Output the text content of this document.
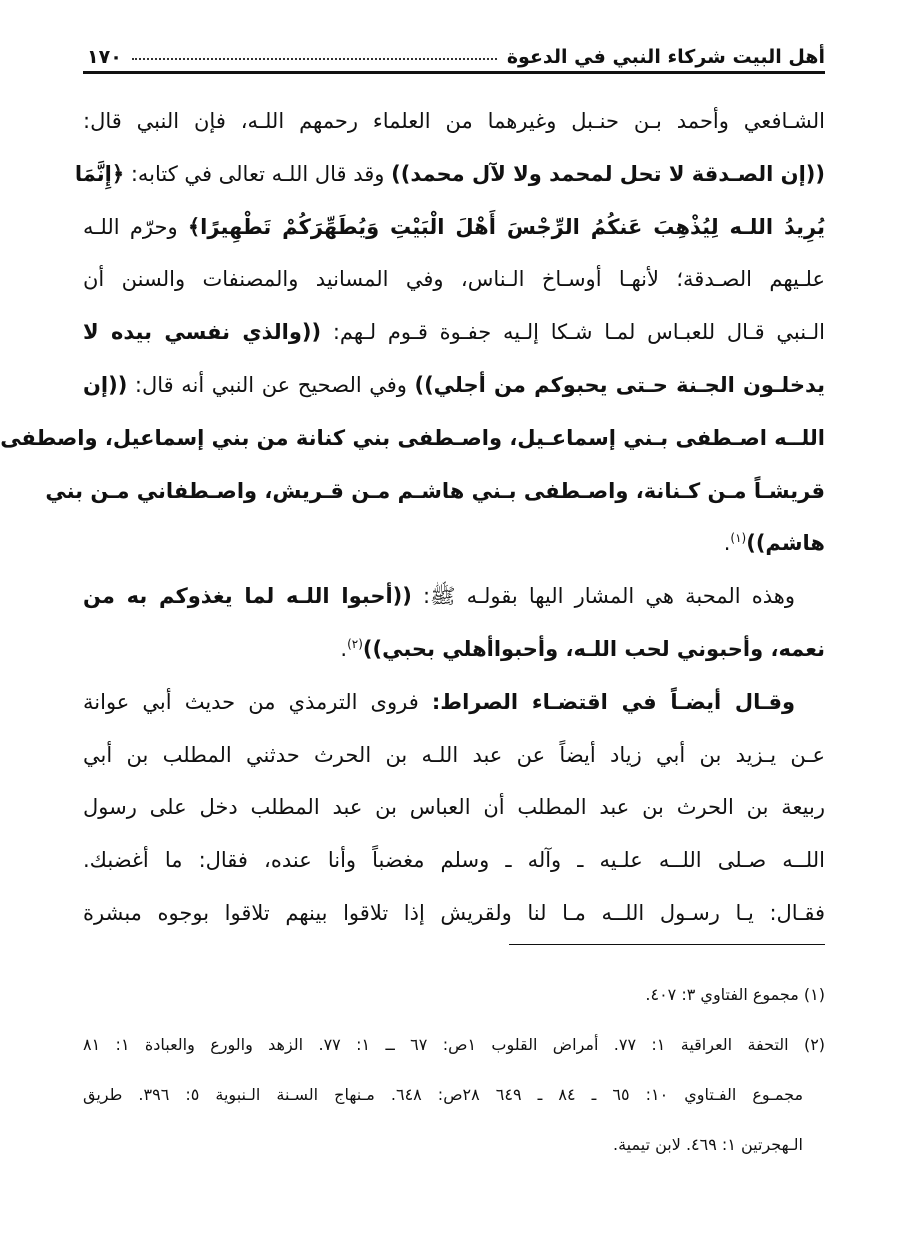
أهل البيت شركاء النبي في الدعوة
١٧٠
الشـافعي وأحمد بـن حنـبل وغيرهما من العلماء رحمهم اللـه، فإن النبي قال:
((إن الصـدقة لا تحل لمحمد ولا لآل محمد)) وقد قال اللـه تعالى في كتابه: ﴿إِنَّمَا
يُرِيدُ اللـه لِيُذْهِبَ عَنكُمُ الرِّجْسَ أَهْلَ الْبَيْتِ وَيُطَهِّرَكُمْ تَطْهِيرًا﴾ وحرّم اللـه
علـيهم الصـدقة؛ لأنهـا أوسـاخ الـناس، وفي المسانيد والمصنفات والسنن أن
الـنبي قـال للعبـاس لمـا شـكا إلـيه جفـوة قـوم لـهم: ((والذي نفسي بيده لا
يدخلـون الجـنة حـتى يحبوكم من أجلي)) وفي الصحيح عن النبي أنه قال: ((إن
اللــه اصـطفى بـني إسماعـيل، واصـطفى بني كنانة من بني إسماعيل، واصطفى
قريشـاً مـن كـنانة، واصـطفى بـني هاشـم مـن قـريش، واصـطفاني مـن بني
هاشم))$^{(١)}$.
وهذه المحبة هي المشار اليها بقولـه ﷺ: ((أحبوا اللـه لما يغذوكم به من
نعمه، وأحبوني لحب اللـه، وأحبواأهلي بحبي))$^{(٢)}$.
وقـال أيضـاً في اقتضـاء الصراط: فروى الترمذي من حديث أبي عوانة
عـن يـزيد بن أبي زياد أيضاً عن عبد اللـه بن الحرث حدثني المطلب بن أبي
ربيعة بن الحرث بن عبد المطلب أن العباس بن عبد المطلب دخل على رسول
اللــه صـلى اللــه علـيه ـ وآله ـ وسلم مغضباً وأنا عنده، فقال: ما أغضبك.
فقـال: يـا رسـول اللــه مـا لنا ولقريش إذا تلاقوا بينهم تلاقوا بوجوه مبشرة
(١) مجموع الفتاوي ٣: ٤٠٧.
(٢) التحفة العراقية ١: ٧٧. أمراض القلوب ١ص: ٦٧ ــ ١: ٧٧. الزهد والورع والعبادة ١: ٨١
مجمـوع الفـتاوي ١٠: ٦٥ ـ ٨٤ ـ ٦٤٩ ٢٨ص: ٦٤٨. مـنهاج السـنة الـنبوية ٥: ٣٩٦. طريق
الـهجرتين ١: ٤٦٩. لابن تيمية.
